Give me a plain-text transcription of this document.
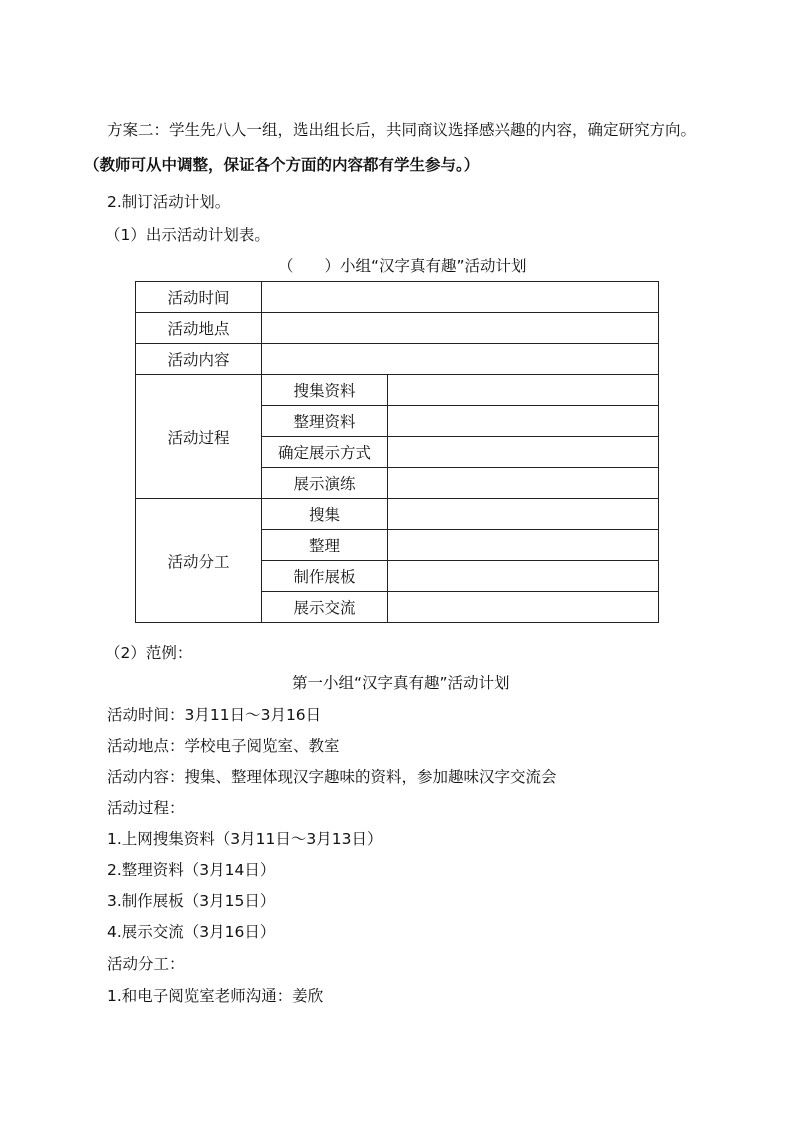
方案二：学生先八人一组，选出组长后，共同商议选择感兴趣的内容，确定研究方向。
（教师可从中调整，保证各个方面的内容都有学生参与。）
2.制订活动计划。
（1）出示活动计划表。
（　　）小组“汉字真有趣”活动计划
活动时间		
活动地点		
活动内容		
活动过程	搜集资料	
	整理资料	
	确定展示方式	
	展示演练	
活动分工	搜集	
	整理	
	制作展板	
	展示交流	
（2）范例：
第一小组“汉字真有趣”活动计划
活动时间：3月11日～3月16日
活动地点：学校电子阅览室、教室
活动内容：搜集、整理体现汉字趣味的资料，参加趣味汉字交流会
活动过程：
1.上网搜集资料（3月11日～3月13日）
2.整理资料（3月14日）
3.制作展板（3月15日）
4.展示交流（3月16日）
活动分工：
1.和电子阅览室老师沟通：姜欣
